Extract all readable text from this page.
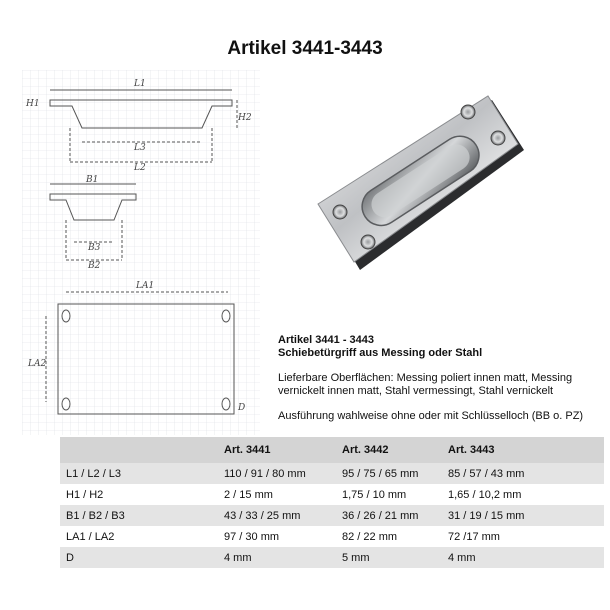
Artikel 3441-3443
L1
H1
H2
L3
L2
B1
B3
B2
LA1
LA2
D

Artikel 3441 - 3443

Schiebetürgriff aus Messing oder Stahl

Lieferbare Oberflächen: Messing poliert innen matt, Messing vernickelt innen matt, Stahl vermessingt, Stahl vernickelt

Ausführung wahlweise ohne oder mit Schlüsselloch (BB o. PZ)

	Art. 3441	Art. 3442	Art. 3443
L1 / L2 / L3	110 / 91 / 80 mm	95 / 75 / 65 mm	85 / 57 / 43 mm
H1 / H2	2 / 15 mm	1,75 / 10 mm	1,65 / 10,2 mm
B1 / B2 / B3	43 / 33 / 25 mm	36 / 26 / 21 mm	31 / 19 / 15 mm
LA1 / LA2	97 / 30 mm	82 / 22 mm	72 /17 mm
D	4 mm	5 mm	4 mm
